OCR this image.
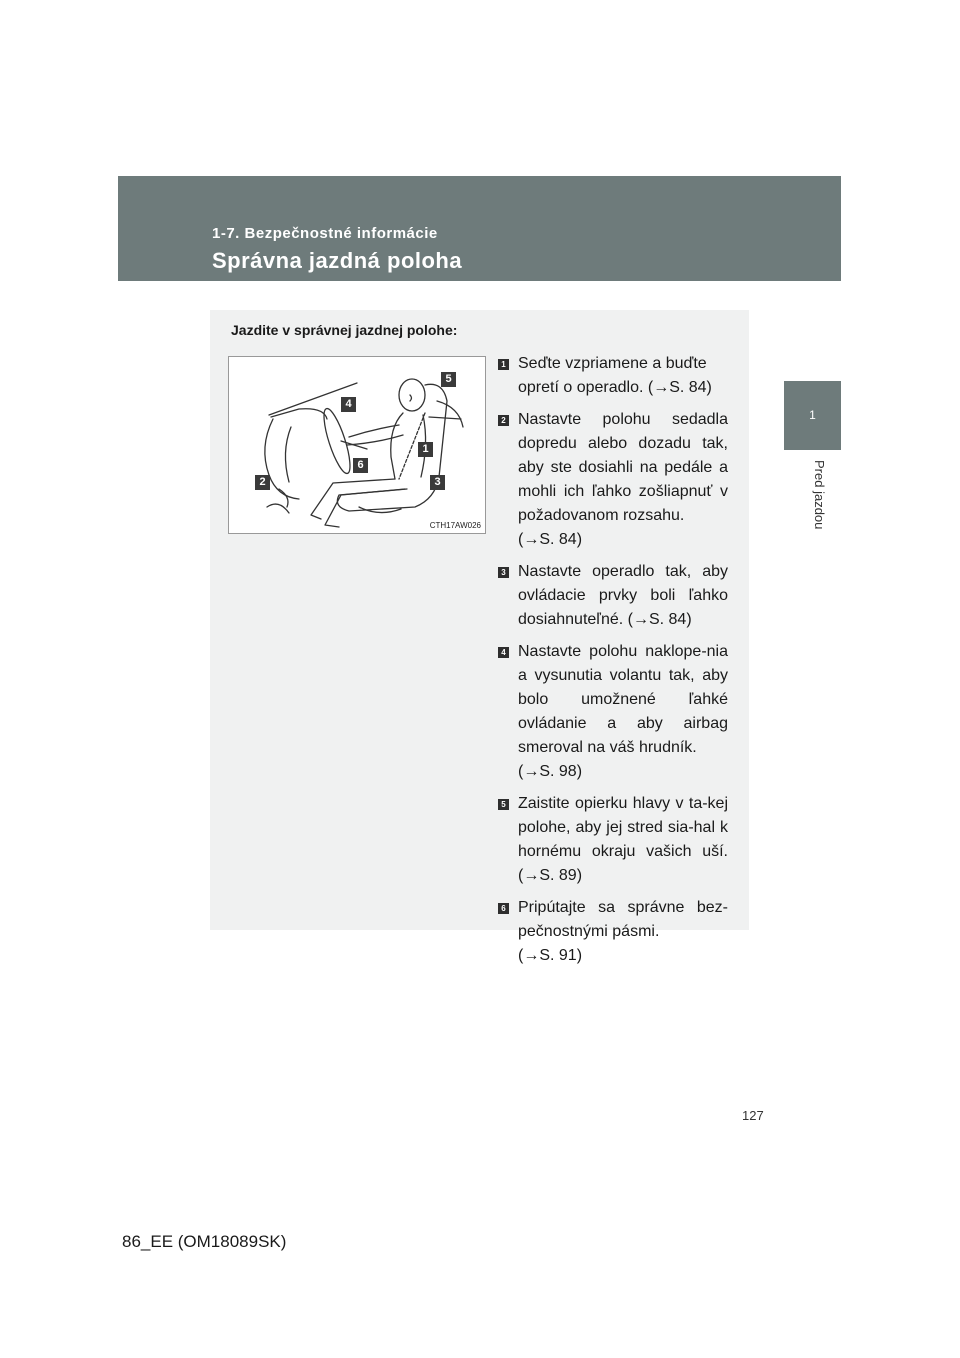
1-7. Bezpečnostné informácie
Správna jazdná poloha
1
Pred jazdou
Jazdite v správnej jazdnej polohe:
5
4
1
6
2	3
CTH17AW026
1 Seďte vzpriamene a buďte
opretí o operadlo. (→S. 84)
2 Nastavte polohu sedadla dopredu alebo dozadu tak, aby ste dosiahli na pedále a mohli ich ľahko zošliapnuť v požadovanom rozsahu.
(→S. 84)
3 Nastavte operadlo tak, aby ovládacie prvky boli ľahko dosiahnuteľné. (→S. 84)
4 Nastavte polohu naklope-nia a vysunutia volantu tak, aby bolo umožnené ľahké ovládanie a aby airbag smeroval na váš hrudník.
(→S. 98)
5 Zaistite opierku hlavy v ta-kej polohe, aby jej stred sia-hal k hornému okraju vašich uší. (→S. 89)
6 Pripútajte sa správne bez-pečnostnými pásmi.
(→S. 91)
127
86_EE (OM18089SK)
